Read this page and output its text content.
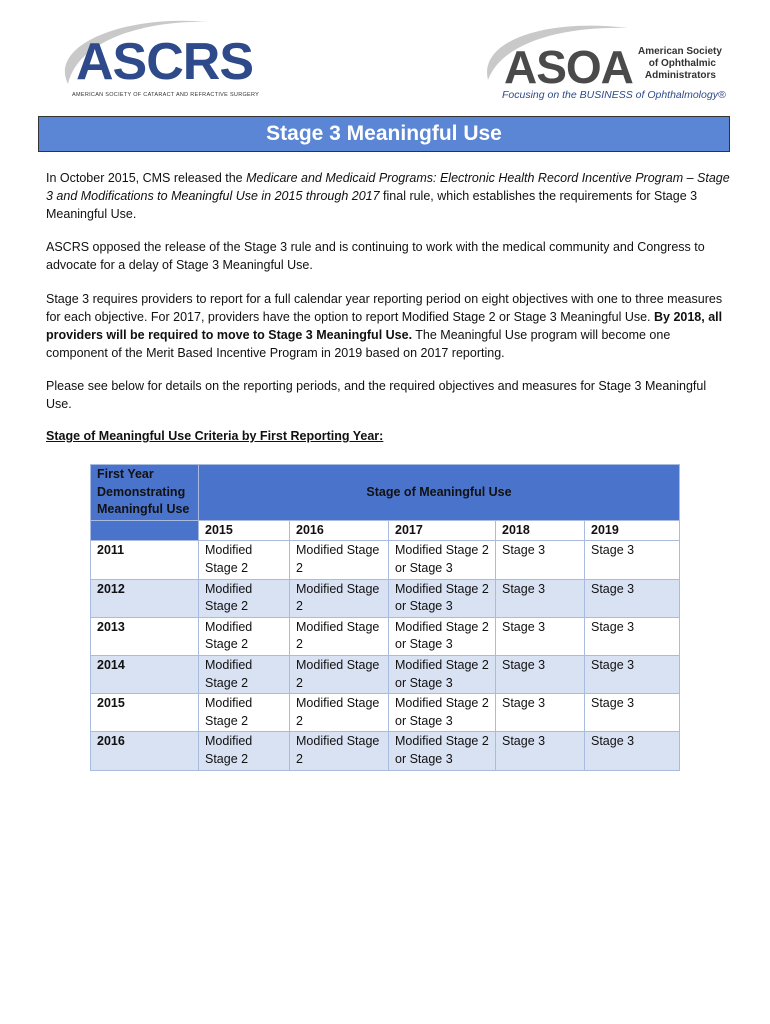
ASCRS
AMERICAN SOCIETY OF CATARACT AND REFRACTIVE SURGERY
ASOA American Society
of Ophthalmic
Administrators
Focusing on the BUSINESS of Ophthalmology®
Stage 3 Meaningful Use
In October 2015, CMS released the Medicare and Medicaid Programs: Electronic Health Record Incentive Program – Stage 3 and Modifications to Meaningful Use in 2015 through 2017 final rule, which establishes the requirements for Stage 3 Meaningful Use.
ASCRS opposed the release of the Stage 3 rule and is continuing to work with the medical community and Congress to advocate for a delay of Stage 3 Meaningful Use.
Stage 3 requires providers to report for a full calendar year reporting period on eight objectives with one to three measures for each objective. For 2017, providers have the option to report Modified Stage 2 or Stage 3 Meaningful Use. By 2018, all providers will be required to move to Stage 3 Meaningful Use. The Meaningful Use program will become one component of the Merit Based Incentive Program in 2019 based on 2017 reporting.
Please see below for details on the reporting periods, and the required objectives and measures for Stage 3 Meaningful Use.
Stage of Meaningful Use Criteria by First Reporting Year:
First Year Demonstrating Meaningful Use	Stage of Meaningful Use				
	2015	2016	2017	2018	2019
2011	Modified Stage 2	Modified Stage 2	Modified Stage 2 or Stage 3	Stage 3	Stage 3
2012	Modified Stage 2	Modified Stage 2	Modified Stage 2 or Stage 3	Stage 3	Stage 3
2013	Modified Stage 2	Modified Stage 2	Modified Stage 2 or Stage 3	Stage 3	Stage 3
2014	Modified Stage 2	Modified Stage 2	Modified Stage 2 or Stage 3	Stage 3	Stage 3
2015	Modified Stage 2	Modified Stage 2	Modified Stage 2 or Stage 3	Stage 3	Stage 3
2016	Modified Stage 2	Modified Stage 2	Modified Stage 2 or Stage 3	Stage 3	Stage 3
